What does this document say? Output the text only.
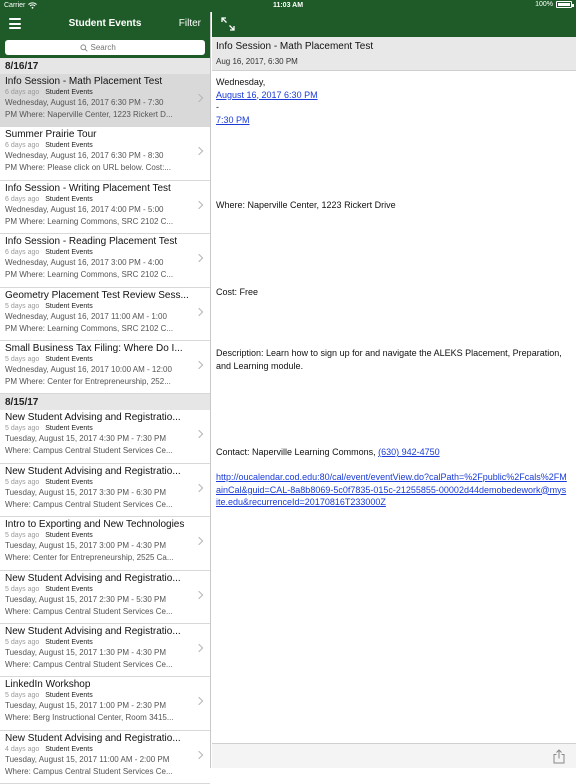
Carrier	11:03 AM	100%
Student Events	Filter
Search
8/16/17
Info Session - Math Placement Test
6 days ago Student Events
Wednesday, August 16, 2017 6:30 PM - 7:30
PM Where: Naperville Center, 1223 Rickert D...
Summer Prairie Tour
6 days ago Student Events
Wednesday, August 16, 2017 6:30 PM - 8:30
PM Where: Please click on URL below. Cost:...
Info Session - Writing Placement Test
6 days ago Student Events
Wednesday, August 16, 2017 4:00 PM - 5:00
PM Where: Learning Commons, SRC 2102 C...
Info Session - Reading Placement Test
6 days ago Student Events
Wednesday, August 16, 2017 3:00 PM - 4:00
PM Where: Learning Commons, SRC 2102 C...
Geometry Placement Test Review Sess...
5 days ago Student Events
Wednesday, August 16, 2017 11:00 AM - 1:00
PM Where: Learning Commons, SRC 2102 C...
Small Business Tax Filing: Where Do I...
5 days ago Student Events
Wednesday, August 16, 2017 10:00 AM - 12:00
PM Where: Center for Entrepreneurship, 252...
8/15/17
New Student Advising and Registratio...
5 days ago Student Events
Tuesday, August 15, 2017 4:30 PM - 7:30 PM
Where: Campus Central Student Services Ce...
New Student Advising and Registratio...
5 days ago Student Events
Tuesday, August 15, 2017 3:30 PM - 6:30 PM
Where: Campus Central Student Services Ce...
Intro to Exporting and New Technologies
5 days ago Student Events
Tuesday, August 15, 2017 3:00 PM - 4:30 PM
Where: Center for Entrepreneurship, 2525 Ca...
New Student Advising and Registratio...
5 days ago Student Events
Tuesday, August 15, 2017 2:30 PM - 5:30 PM
Where: Campus Central Student Services Ce...
New Student Advising and Registratio...
5 days ago Student Events
Tuesday, August 15, 2017 1:30 PM - 4:30 PM
Where: Campus Central Student Services Ce...
LinkedIn Workshop
5 days ago Student Events
Tuesday, August 15, 2017 1:00 PM - 2:30 PM
Where: Berg Instructional Center, Room 3415...
New Student Advising and Registratio...
4 days ago Student Events
Tuesday, August 15, 2017 11:00 AM - 2:00 PM
Where: Campus Central Student Services Ce...
Info Session - Math Placement Test
Aug 16, 2017, 6:30 PM
Wednesday,
August 16, 2017 6:30 PM
-
7:30 PM
Where: Naperville Center, 1223 Rickert Drive
Cost: Free
Description: Learn how to sign up for and navigate the ALEKS Placement, Preparation, and Learning module.
Contact: Naperville Learning Commons, (630) 942-4750
http://oucalendar.cod.edu:80/cal/event/eventView.do?calPath=%2Fpublic%2Fcals%2FMainCal&guid=CAL-8a8b8069-5c0f7835-015c-21255855-00002d44demobedework@mysite.edu&recurrenceId=20170816T233000Z
